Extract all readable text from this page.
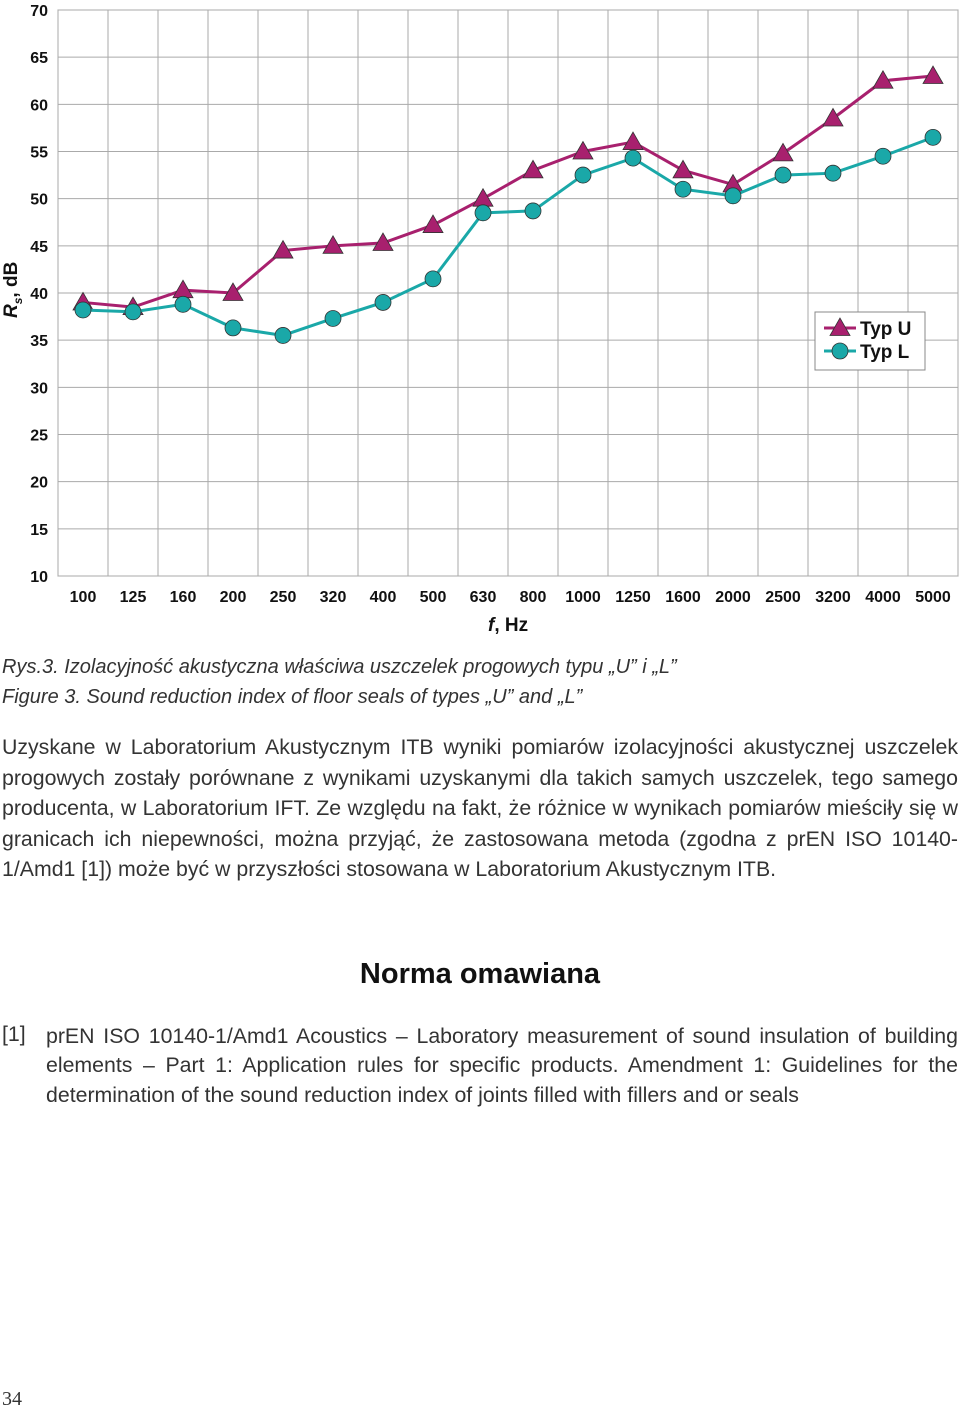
10
15
20
25
30
35
40
45
50
55
60
65
70
100 125 160 200 250 320 400 500 630 800 1000 1250 1600 2000 2500 3200 4000 5000
$R_s$, dB
f, Hz
Typ U
Typ L
Rys.3. Izolacyjność akustyczna właściwa uszczelek progowych typu „U” i „L”
Figure 3. Sound reduction index of floor seals of types „U” and „L”

Uzyskane w Laboratorium Akustycznym ITB wyniki pomiarów izolacyjności akustycznej uszczelek progowych zostały porównane z wynikami uzyskanymi dla takich samych uszczelek, tego samego producenta, w Laboratorium IFT. Ze względu na fakt, że różnice w wynikach pomiarów mieściły się w granicach ich niepewności, można przyjąć, że zastosowana metoda (zgodna z prEN ISO 10140-1/Amd1 [1]) może być w przyszłości stosowana w Laboratorium Akustycznym ITB.

Norma omawiana
[1] prEN ISO 10140-1/Amd1 Acoustics – Laboratory measurement of sound insulation of building elements – Part 1: Application rules for specific products. Amendment 1: Guidelines for the determination of the sound reduction index of joints filled with fillers and or seals

34
